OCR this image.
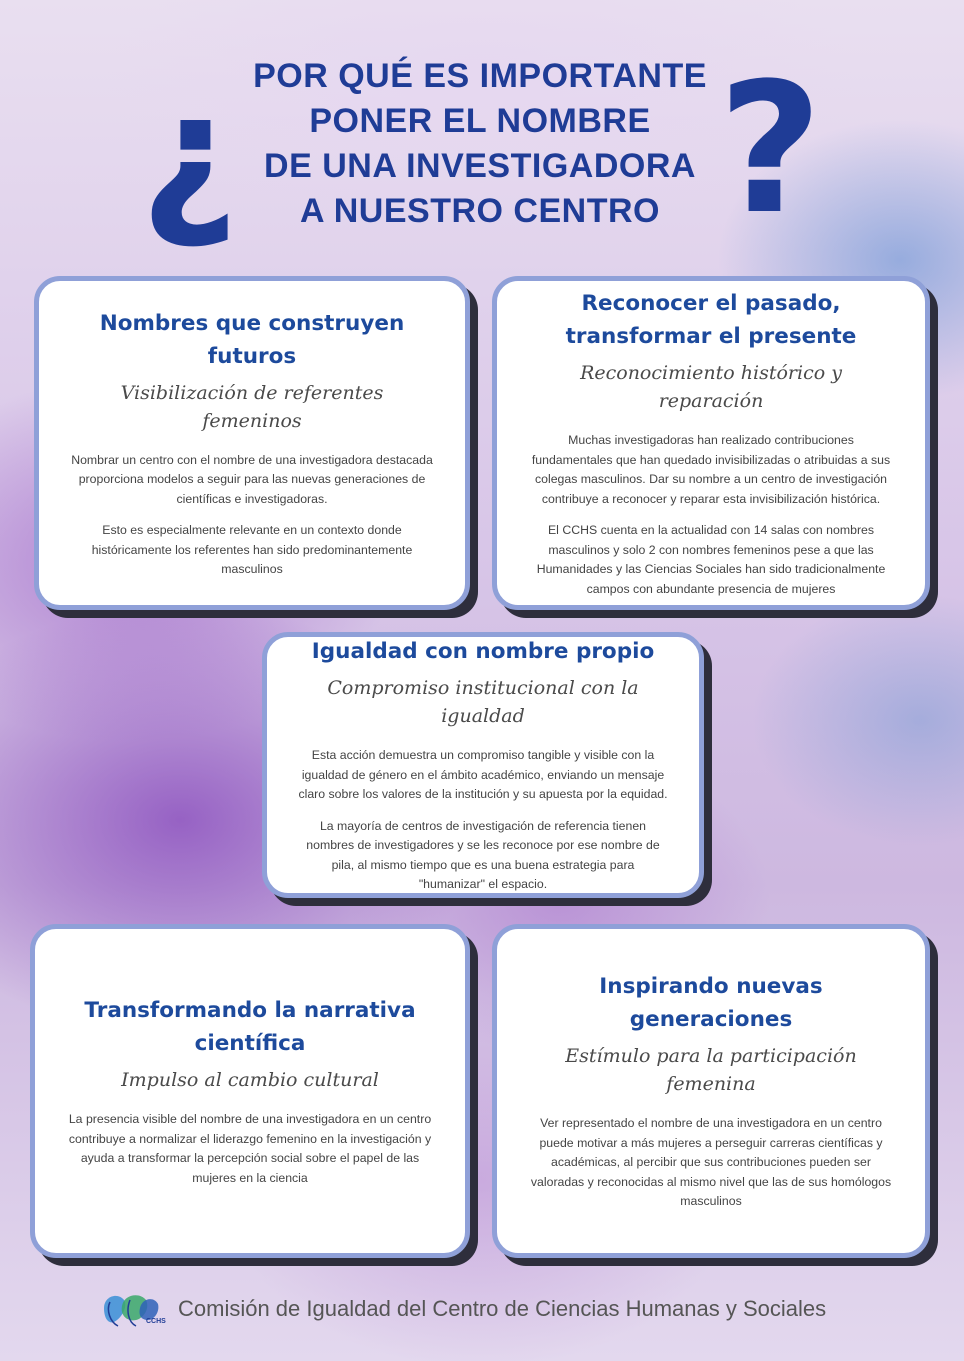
¿ POR QUÉ ES IMPORTANTE
PONER EL NOMBRE
DE UNA INVESTIGADORA
A NUESTRO CENTRO ?
Nombres que construyen futuros
Visibilización de referentes femeninos

Nombrar un centro con el nombre de una investigadora destacada proporciona modelos a seguir para las nuevas generaciones de científicas e investigadoras.

Esto es especialmente relevante en un contexto donde históricamente los referentes han sido predominantemente masculinos

Reconocer el pasado, transformar el presente
Reconocimiento histórico y reparación

Muchas investigadoras han realizado contribuciones fundamentales que han quedado invisibilizadas o atribuidas a sus colegas masculinos. Dar su nombre a un centro de investigación contribuye a reconocer y reparar esta invisibilización histórica.

El CCHS cuenta en la actualidad con 14 salas con nombres masculinos y solo 2 con nombres femeninos pese a que las Humanidades y las Ciencias Sociales han sido tradicionalmente campos con abundante presencia de mujeres

Igualdad con nombre propio
Compromiso institucional con la igualdad

Esta acción demuestra un compromiso tangible y visible con la igualdad de género en el ámbito académico, enviando un mensaje claro sobre los valores de la institución y su apuesta por la equidad.

La mayoría de centros de investigación de referencia tienen nombres de investigadores y se les reconoce por ese nombre de pila, al mismo tiempo que es una buena estrategia para "humanizar" el espacio.

Transformando la narrativa científica
Impulso al cambio cultural

La presencia visible del nombre de una investigadora en un centro contribuye a normalizar el liderazgo femenino en la investigación y ayuda a transformar la percepción social sobre el papel de las mujeres en la ciencia

Inspirando nuevas generaciones
Estímulo para la participación femenina

Ver representado el nombre de una investigadora en un centro puede motivar a más mujeres a perseguir carreras científicas y académicas, al percibir que sus contribuciones pueden ser valoradas y reconocidas al mismo nivel que las de sus homólogos masculinos

CCHS
Comisión de Igualdad del Centro de Ciencias Humanas y Sociales
